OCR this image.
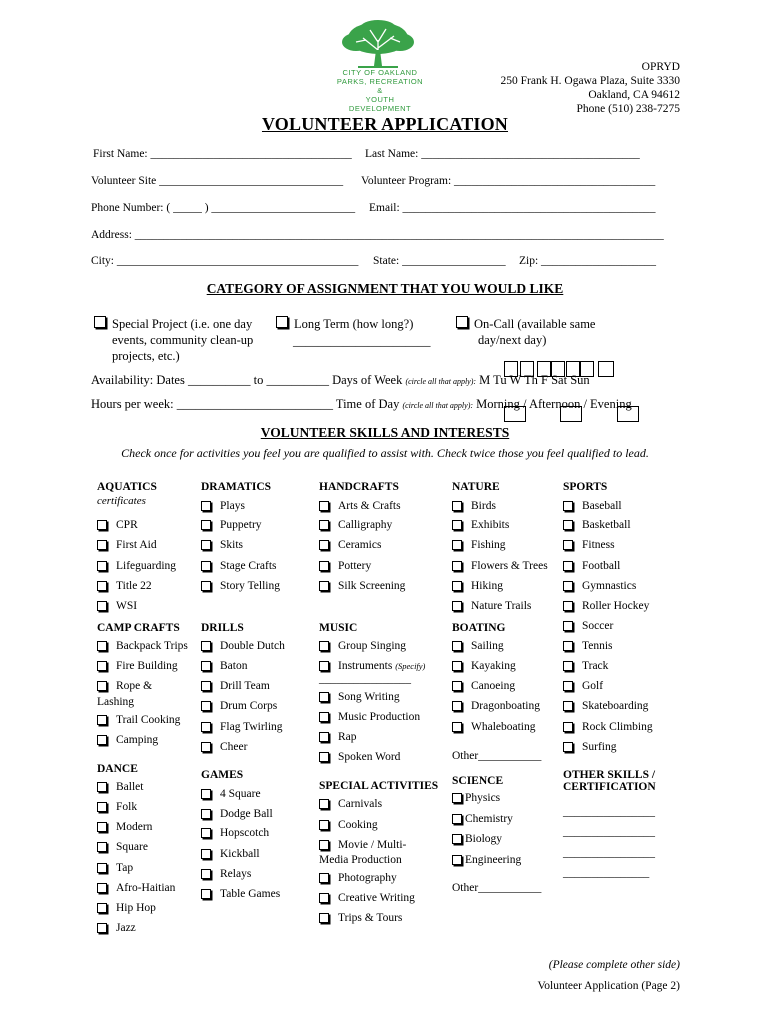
CITY OF OAKLAND
PARKS, RECREATION &
YOUTH DEVELOPMENT
OPRYD
250 Frank H. Ogawa Plaza, Suite 3330
Oakland, CA 94612
Phone (510) 238-7275
VOLUNTEER APPLICATION
First Name: ___________________________________ Last Name: ______________________________________
Volunteer Site ________________________________ Volunteer Program: ___________________________________
Phone Number: ( _____ ) _________________________ Email: ____________________________________________
Address: ____________________________________________________________________________________________
City: __________________________________________ State: __________________ Zip: ____________________
CATEGORY OF ASSIGNMENT THAT YOU WOULD LIKE
Special Project (i.e. one day
events, community clean-up
projects, etc.)
Long Term (how long?)
______________________
On-Call (available same
day/next day)
Availability: Dates __________ to __________ Days of Week (circle all that apply): M Tu W Th F Sat Sun
Hours per week: _________________________ Time of Day (circle all that apply): Morning / Afternoon / Evening
VOLUNTEER SKILLS AND INTERESTS
Check once for activities you feel you are qualified to assist with. Check twice those you feel qualified to lead.
AQUATICS
certificates
CPR
First Aid
Lifeguarding
Title 22
WSI
CAMP CRAFTS
Backpack Trips
Fire Building
Rope &
Lashing
Trail Cooking
Camping
DANCE
Ballet
Folk
Modern
Square
Tap
Afro-Haitian
Hip Hop
Jazz
DRAMATICS
Plays
Puppetry
Skits
Stage Crafts
Story Telling
DRILLS
Double Dutch
Baton
Drill Team
Drum Corps
Flag Twirling
Cheer
GAMES
4 Square
Dodge Ball
Hopscotch
Kickball
Relays
Table Games
HANDCRAFTS
Arts & Crafts
Calligraphy
Ceramics
Pottery
Silk Screening
MUSIC
Group Singing
Instruments
(Specify)
________________
Song Writing
Music Production
Rap
Spoken Word
SPECIAL ACTIVITIES
Carnivals
Cooking
Movie / Multi-
Media Production
Photography
Creative Writing
Trips & Tours
NATURE
Birds
Exhibits
Fishing
Flowers & Trees
Hiking
Nature Trails
BOATING
Sailing
Kayaking
Canoeing
Dragonboating
Whaleboating
Other___________
SCIENCE
Physics
Chemistry
Biology
Engineering
Other___________
SPORTS
Baseball
Basketball
Fitness
Football
Gymnastics
Roller Hockey
Soccer
Tennis
Track
Golf
Skateboarding
Rock Climbing
Surfing
OTHER SKILLS /
CERTIFICATION
________________
________________
________________
_______________
(Please complete other side)
Volunteer Application (Page 2)
